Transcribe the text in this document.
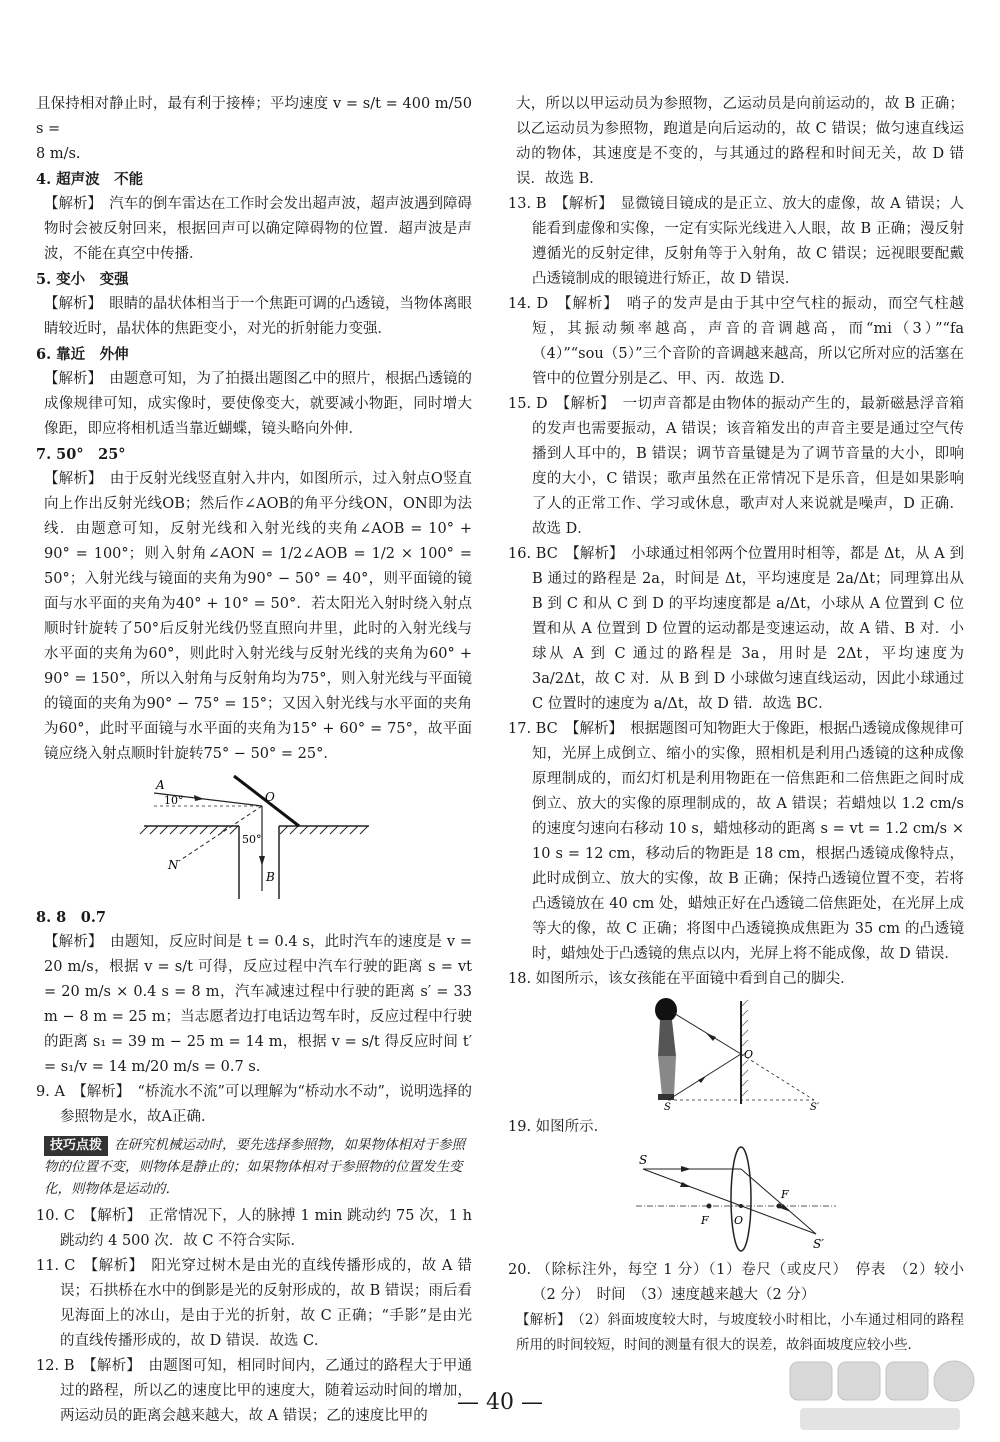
且保持相对静止时，最有利于接棒；平均速度 v = s/t = 400 m/50 s =

8 m/s.

4. 超声波　不能

【解析】　汽车的倒车雷达在工作时会发出超声波，超声波遇到障碍物时会被反射回来，根据回声可以确定障碍物的位置．超声波是声波，不能在真空中传播．

5. 变小　变强

【解析】　眼睛的晶状体相当于一个焦距可调的凸透镜，当物体离眼睛较近时，晶状体的焦距变小，对光的折射能力变强．

6. 靠近　外伸

【解析】　由题意可知，为了拍摄出题图乙中的照片，根据凸透镜的成像规律可知，成实像时，要使像变大，就要减小物距，同时增大像距，即应将相机适当靠近蝴蝶，镜头略向外伸．

7. 50°　25°

【解析】　由于反射光线竖直射入井内，如图所示，过入射点O竖直向上作出反射光线OB；然后作∠AOB的角平分线ON，ON即为法线．由题意可知，反射光线和入射光线的夹角∠AOB = 10° + 90° = 100°；则入射角∠AON = 1/2∠AOB = 1/2 × 100° = 50°；入射光线与镜面的夹角为90° − 50° = 40°，则平面镜的镜面与水平面的夹角为40° + 10° = 50°．若太阳光入射时绕入射点顺时针旋转了50°后反射光线仍竖直照向井里，此时的入射光线与水平面的夹角为60°，则此时入射光线与反射光线的夹角为60° + 90° = 150°，所以入射角与反射角均为75°，则入射光线与平面镜的镜面的夹角为90° − 75° = 15°；又因入射光线与水平面的夹角为60°，此时平面镜与水平面的夹角为15° + 60° = 75°，故平面镜应绕入射点顺时针旋转75° − 50° = 25°．

A
10°	O
50°
N
B

8. 8　0.7

【解析】　由题知，反应时间是 t = 0.4 s，此时汽车的速度是 v = 20 m/s，根据 v = s/t 可得，反应过程中汽车行驶的距离 s = vt = 20 m/s × 0.4 s = 8 m，汽车减速过程中行驶的距离 s′ = 33 m − 8 m = 25 m；当志愿者边打电话边驾车时，反应过程中行驶的距离 s₁ = 39 m − 25 m = 14 m，根据 v = s/t 得反应时间 t′ = s₁/v = 14 m/20 m/s = 0.7 s.

9. A　【解析】　“桥流水不流”可以理解为“桥动水不动”，说明选择的参照物是水，故A正确．

技巧点拨 在研究机械运动时，要先选择参照物，如果物体相对于参照物的位置不变，则物体是静止的；如果物体相对于参照物的位置发生变化，则物体是运动的．

10. C　【解析】　正常情况下，人的脉搏 1 min 跳动约 75 次，1 h 跳动约 4 500 次．故 C 不符合实际．

11. C　【解析】　阳光穿过树木是由光的直线传播形成的，故 A 错误；石拱桥在水中的倒影是光的反射形成的，故 B 错误；雨后看见海面上的冰山，是由于光的折射，故 C 正确；“手影”是由光的直线传播形成的，故 D 错误．故选 C．

12. B　【解析】　由题图可知，相同时间内，乙通过的路程大于甲通过的路程，所以乙的速度比甲的速度大，随着运动时间的增加，两运动员的距离会越来越大，故 A 错误；乙的速度比甲的

大，所以以甲运动员为参照物，乙运动员是向前运动的，故 B 正确；以乙运动员为参照物，跑道是向后运动的，故 C 错误；做匀速直线运动的物体，其速度是不变的，与其通过的路程和时间无关，故 D 错误．故选 B．

13. B　【解析】　显微镜目镜成的是正立、放大的虚像，故 A 错误；人能看到虚像和实像，一定有实际光线进入人眼，故 B 正确；漫反射遵循光的反射定律，反射角等于入射角，故 C 错误；远视眼要配戴凸透镜制成的眼镜进行矫正，故 D 错误．

14. D　【解析】　哨子的发声是由于其中空气柱的振动，而空气柱越短，其振动频率越高，声音的音调越高，而“mi（3）”“fa（4）”“sou（5）”三个音阶的音调越来越高，所以它所对应的活塞在管中的位置分别是乙、甲、丙．故选 D．

15. D　【解析】　一切声音都是由物体的振动产生的，最新磁悬浮音箱的发声也需要振动，A 错误；该音箱发出的声音主要是通过空气传播到人耳中的，B 错误；调节音量键是为了调节音量的大小，即响度的大小，C 错误；歌声虽然在正常情况下是乐音，但是如果影响了人的正常工作、学习或休息，歌声对人来说就是噪声，D 正确．故选 D．

16. BC　【解析】　小球通过相邻两个位置用时相等，都是 Δt，从 A 到 B 通过的路程是 2a，时间是 Δt，平均速度是 2a/Δt；同理算出从 B 到 C 和从 C 到 D 的平均速度都是 a/Δt，小球从 A 位置到 C 位置和从 A 位置到 D 位置的运动都是变速运动，故 A 错、B 对．小球从 A 到 C 通过的路程是 3a，用时是 2Δt，平均速度为 3a/2Δt，故 C 对．从 B 到 D 小球做匀速直线运动，因此小球通过 C 位置时的速度为 a/Δt，故 D 错．故选 BC．

17. BC　【解析】　根据题图可知物距大于像距，根据凸透镜成像规律可知，光屏上成倒立、缩小的实像，照相机是利用凸透镜的这种成像原理制成的，而幻灯机是利用物距在一倍焦距和二倍焦距之间时成倒立、放大的实像的原理制成的，故 A 错误；若蜡烛以 1.2 cm/s 的速度匀速向右移动 10 s，蜡烛移动的距离 s = vt = 1.2 cm/s × 10 s = 12 cm，移动后的物距是 18 cm，根据凸透镜成像特点，此时成倒立、放大的实像，故 B 正确；保持凸透镜位置不变，若将凸透镜放在 40 cm 处，蜡烛正好在凸透镜二倍焦距处，在光屏上成等大的像，故 C 正确；将图中凸透镜换成焦距为 35 cm 的凸透镜时，蜡烛处于凸透镜的焦点以内，光屏上将不能成像，故 D 错误．

18. 如图所示，该女孩能在平面镜中看到自己的脚尖．

O
S	S′

19. 如图所示．

S
F
F
O
S′

20. （除标注外，每空 1 分）（1）卷尺（或皮尺）　停表　（2）较小（2 分）　时间　（3）速度越来越大（2 分）

【解析】　（2）斜面坡度较大时，与坡度较小时相比，小车通过相同的路程所用的时间较短，时间的测量有很大的误差，故斜面坡度应较小些．

— 40 —
